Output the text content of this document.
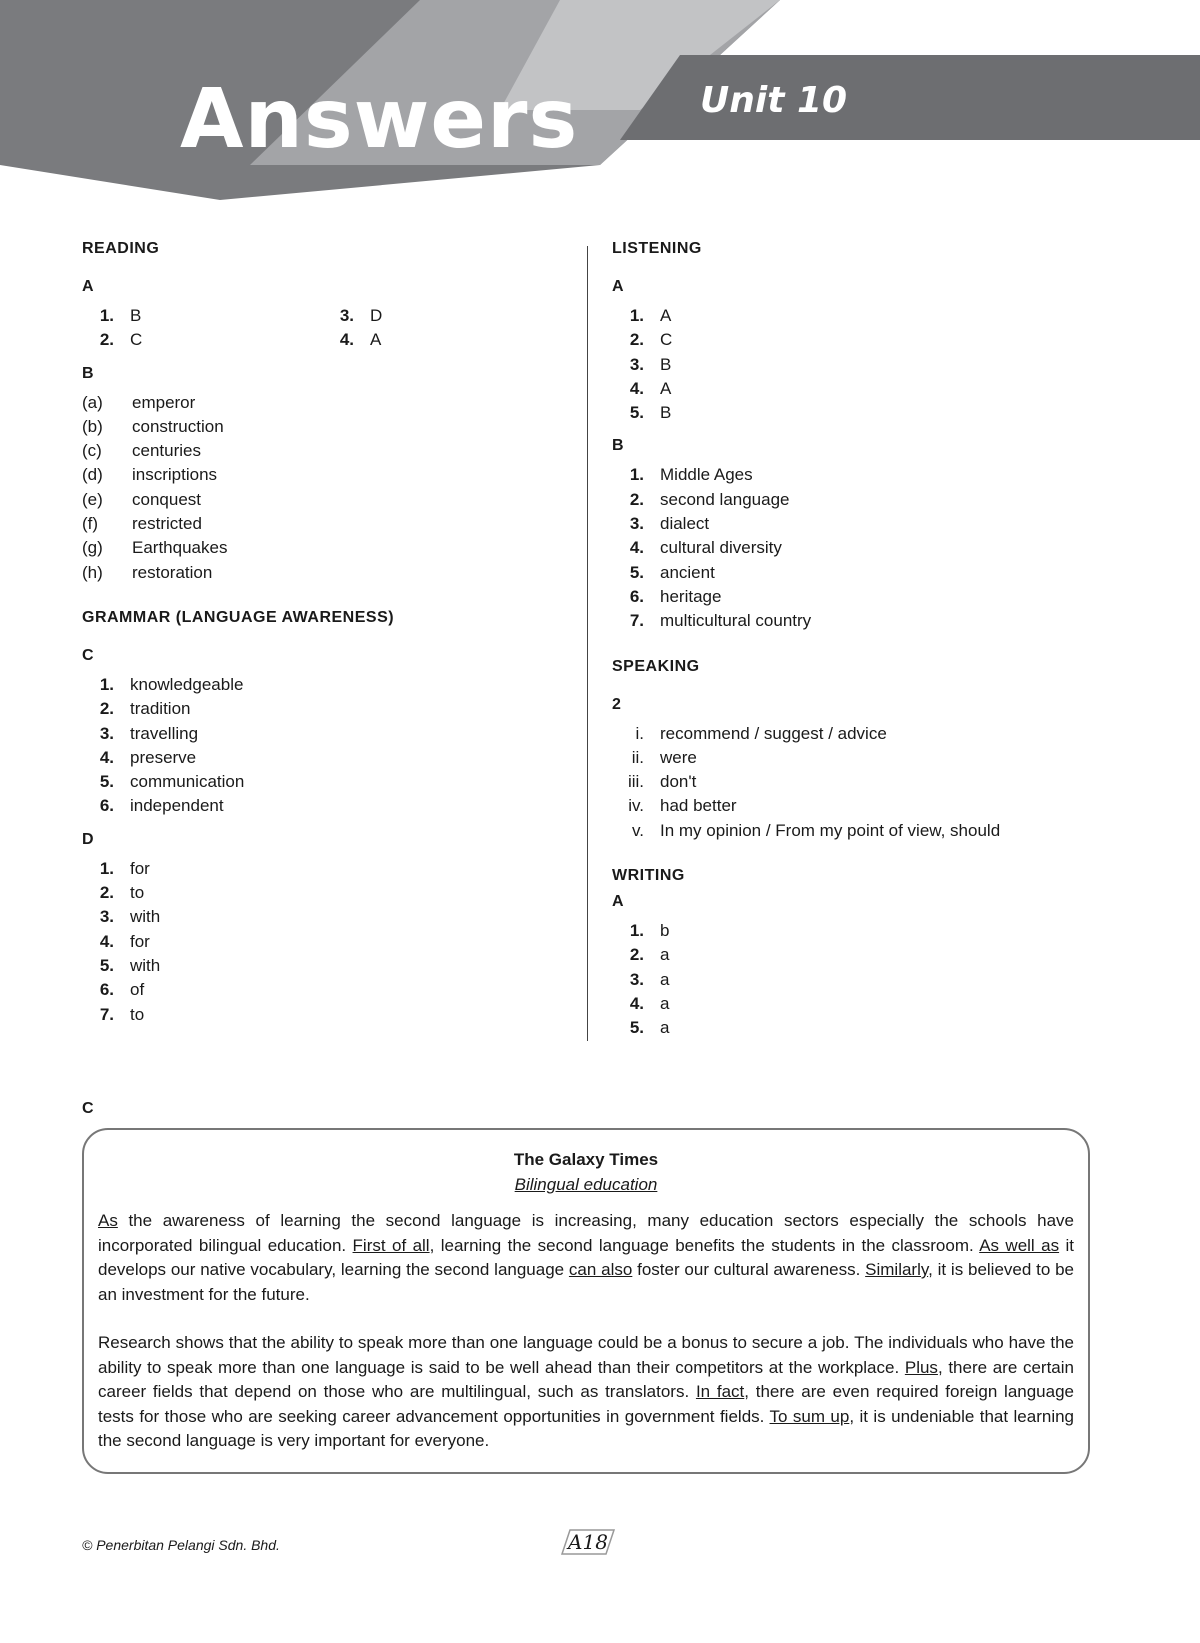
Answers	Unit 10
READING
A
1. B	3. D
2. C	4. A
B
(a)	emperor
(b)	construction
(c)	centuries
(d)	inscriptions
(e)	conquest
(f)	restricted
(g)	Earthquakes
(h)	restoration
GRAMMAR (LANGUAGE AWARENESS)
C
1. knowledgeable
2. tradition
3. travelling
4. preserve
5. communication
6. independent
D
1. for
2. to
3. with
4. for
5. with
6. of
7. to
LISTENING
A
1. A
2. C
3. B
4. A
5. B
B
1. Middle Ages
2. second language
3. dialect
4. cultural diversity
5. ancient
6. heritage
7. multicultural country
SPEAKING
2
i. recommend / suggest / advice
ii. were
iii. don't
iv. had better
v. In my opinion / From my point of view, should
WRITING
A
1. b
2. a
3. a
4. a
5. a
C
The Galaxy Times
Bilingual education

As the awareness of learning the second language is increasing, many education sectors especially the schools have incorporated bilingual education. First of all, learning the second language benefits the students in the classroom. As well as it develops our native vocabulary, learning the second language can also foster our cultural awareness. Similarly, it is believed to be an investment for the future.

Research shows that the ability to speak more than one language could be a bonus to secure a job. The individuals who have the ability to speak more than one language is said to be well ahead than their competitors at the workplace. Plus, there are certain career fields that depend on those who are multilingual, such as translators. In fact, there are even required foreign language tests for those who are seeking career advancement opportunities in government fields. To sum up, it is undeniable that learning the second language is very important for everyone.

© Penerbitan Pelangi Sdn. Bhd.	A18
